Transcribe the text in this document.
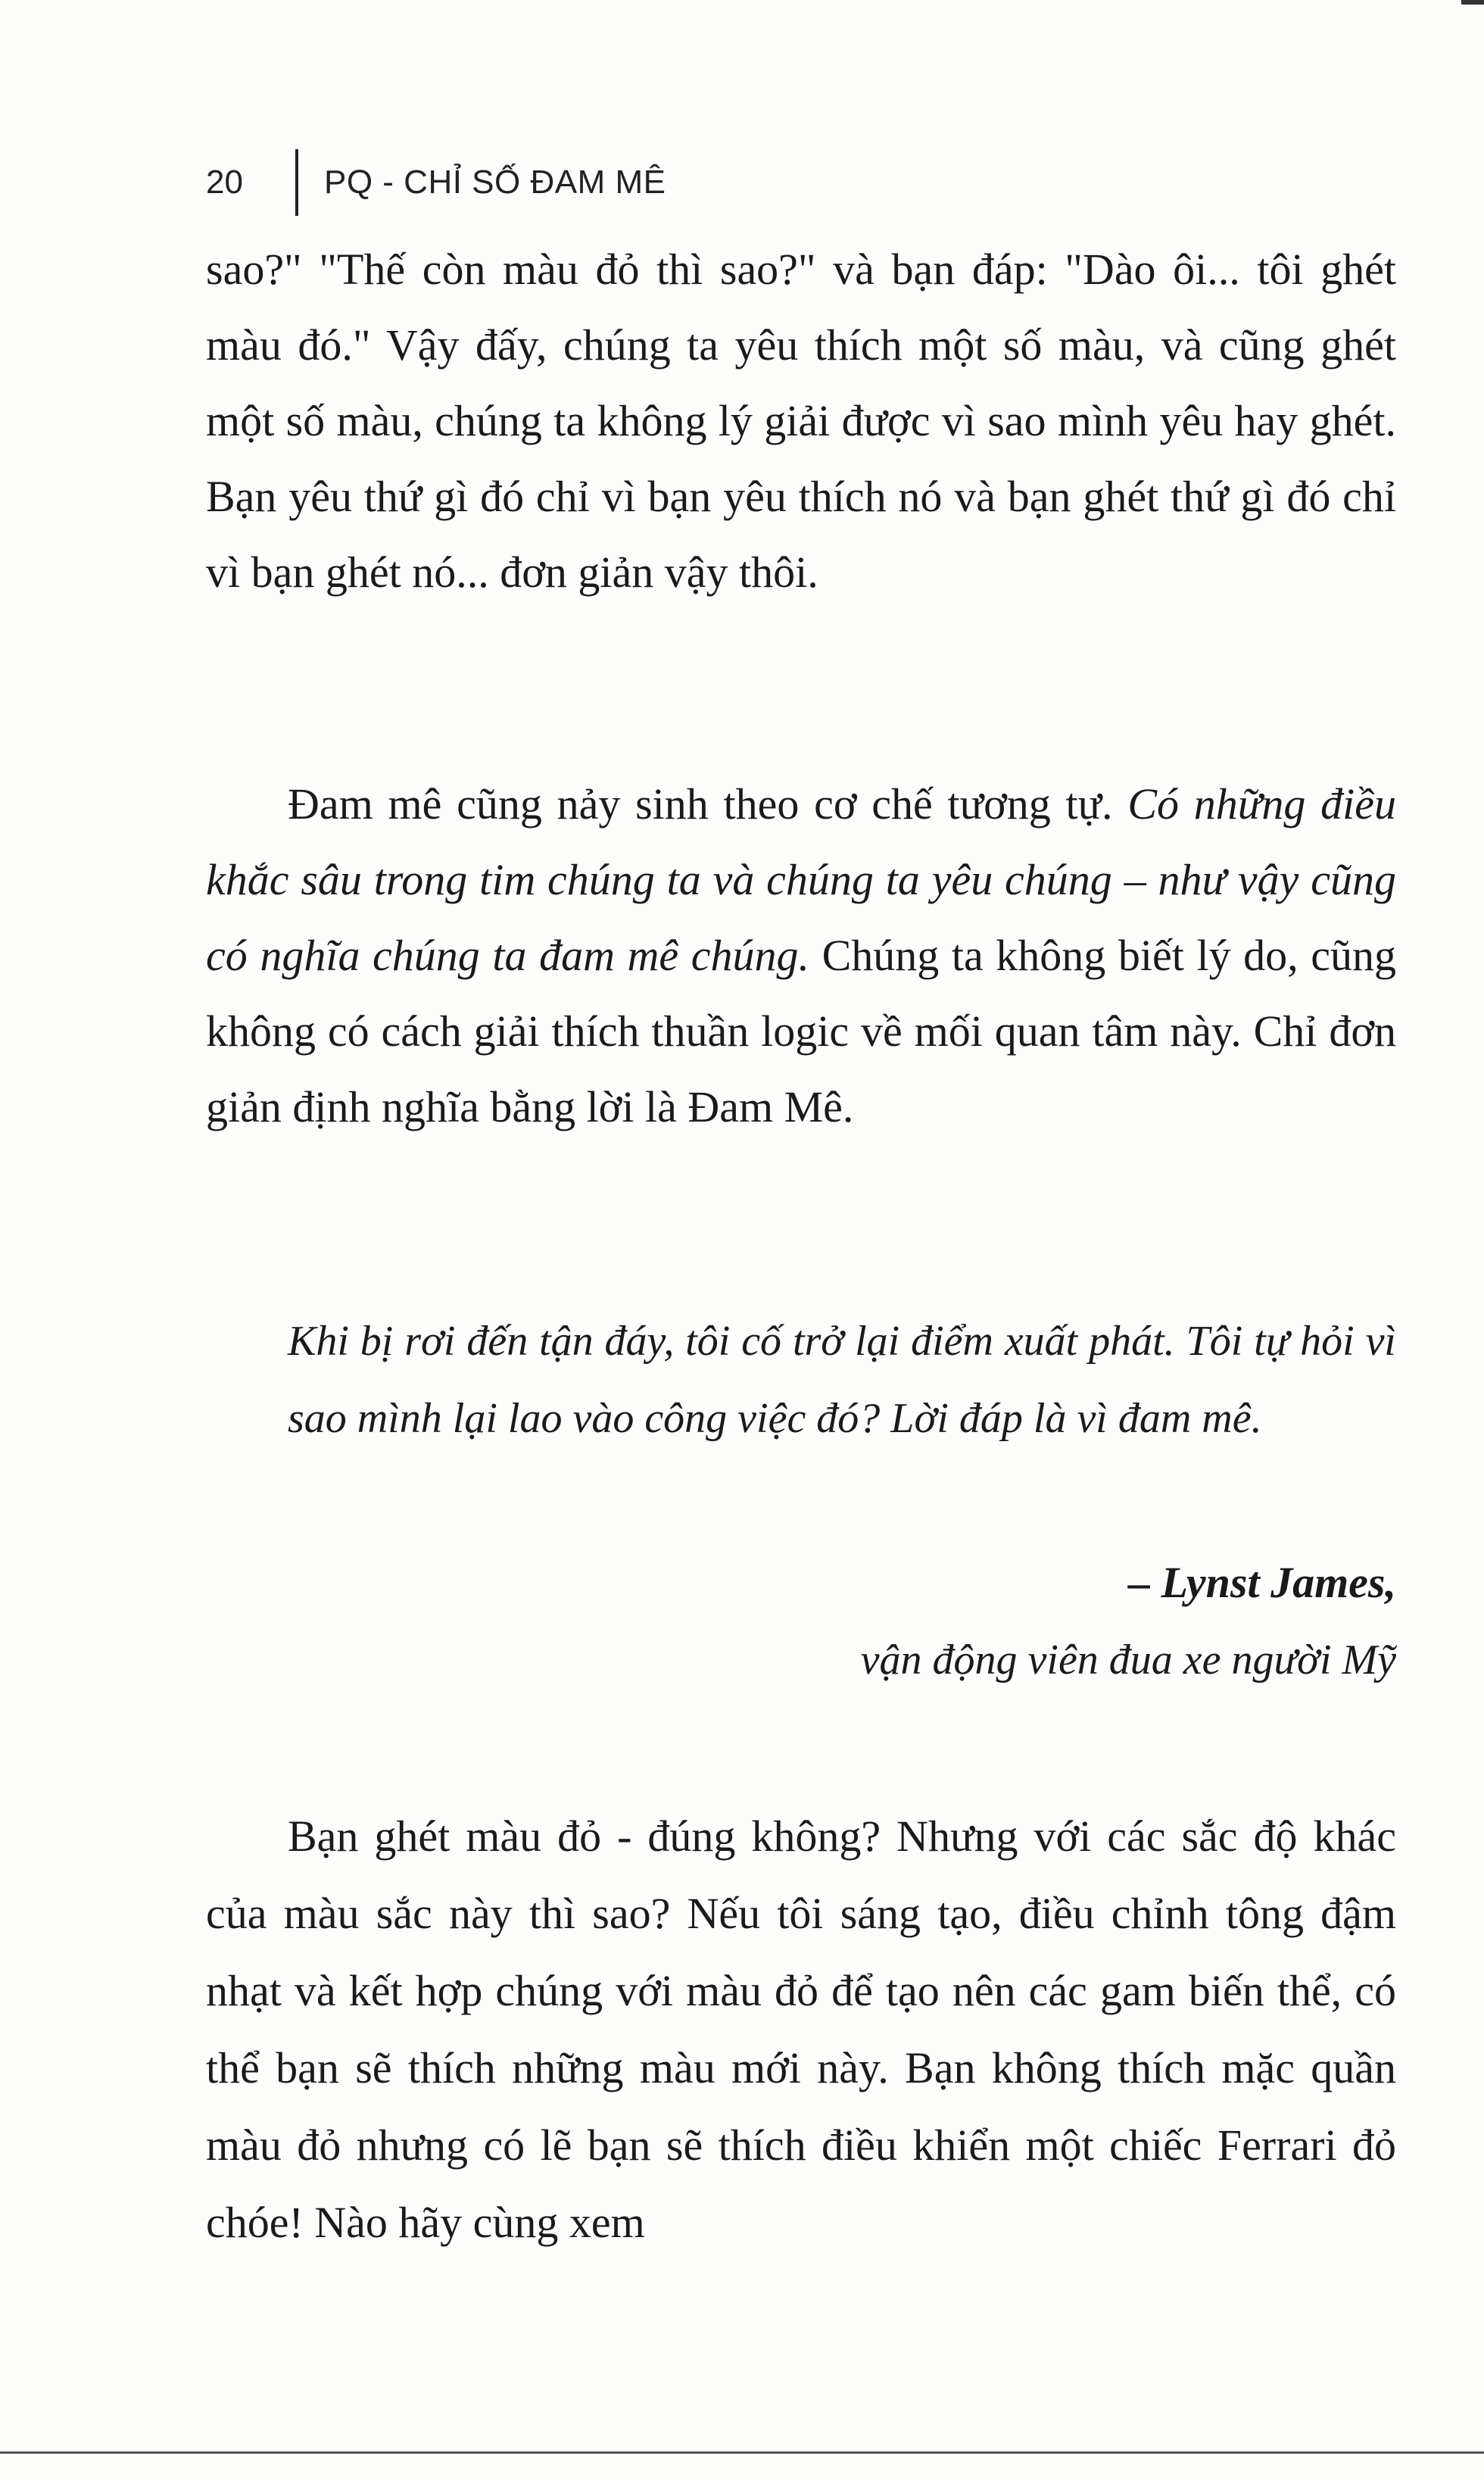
20	PQ - CHỈ SỐ ĐAM MÊ

sao?" "Thế còn màu đỏ thì sao?" và bạn đáp: "Dào ôi... tôi ghét màu đó." Vậy đấy, chúng ta yêu thích một số màu, và cũng ghét một số màu, chúng ta không lý giải được vì sao mình yêu hay ghét. Bạn yêu thứ gì đó chỉ vì bạn yêu thích nó và bạn ghét thứ gì đó chỉ vì bạn ghét nó... đơn giản vậy thôi.

Đam mê cũng nảy sinh theo cơ chế tương tự. Có những điều khắc sâu trong tim chúng ta và chúng ta yêu chúng – như vậy cũng có nghĩa chúng ta đam mê chúng. Chúng ta không biết lý do, cũng không có cách giải thích thuần logic về mối quan tâm này. Chỉ đơn giản định nghĩa bằng lời là Đam Mê.

Khi bị rơi đến tận đáy, tôi cố trở lại điểm xuất phát. Tôi tự hỏi vì sao mình lại lao vào công việc đó? Lời đáp là vì đam mê.

– Lynst James,
vận động viên đua xe người Mỹ

Bạn ghét màu đỏ - đúng không? Nhưng với các sắc độ khác của màu sắc này thì sao? Nếu tôi sáng tạo, điều chỉnh tông đậm nhạt và kết hợp chúng với màu đỏ để tạo nên các gam biến thể, có thể bạn sẽ thích những màu mới này. Bạn không thích mặc quần màu đỏ nhưng có lẽ bạn sẽ thích điều khiển một chiếc Ferrari đỏ chóe! Nào hãy cùng xem
